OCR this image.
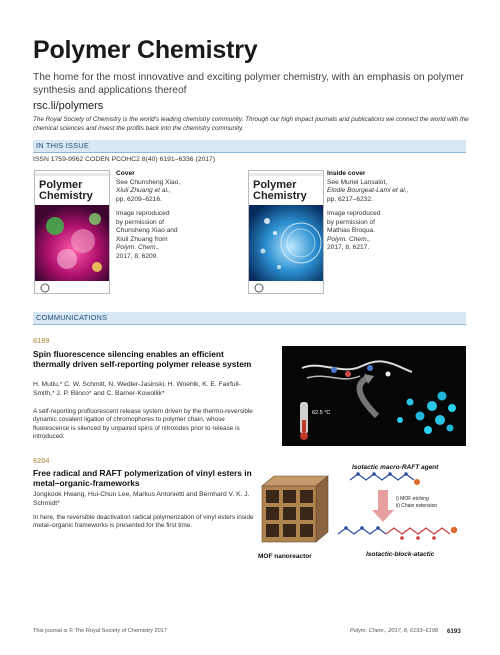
Polymer Chemistry
The home for the most innovative and exciting polymer chemistry, with an emphasis on polymer synthesis and applications thereof
rsc.li/polymers
The Royal Society of Chemistry is the world's leading chemistry community. Through our high impact journals and publications we connect the world with the chemical sciences and invest the profits back into the chemistry community.
IN THIS ISSUE
ISSN 1759-9962 CODEN PCOHC2 8(40) 6191–6336 (2017)
Polymer
Chemistry
Cover
See Chunsheng Xiao,
Xiuli Zhuang et al.,
pp. 6209–6216.
Image reproduced
by permission of
Chunsheng Xiao and
Xiuli Zhuang from
Polym. Chem.,
2017, 8, 6209.
Polymer
Chemistry
Inside cover
See Muriel Lansalot,
Elodie Bourgeat-Lami et al.,
pp. 6217–6232.
Image reproduced
by permission of
Mathias Broqua.
Polym. Chem.,
2017, 8, 6217.
COMMUNICATIONS
6199
Spin fluorescence silencing enables an efficient thermally driven self-reporting polymer release system
H. Mutlu,* C. W. Schmitt, N. Wedler-Jasinski, H. Woehlk, K. E. Fairfull-Smith,* J. P. Blinco* and C. Barner-Kowollik*
A self-reporting profluorescent release system driven by the thermo-reversible dynamic covalent ligation of chromophores to polymer chain, whose fluorescence is silenced by unpaired spins of nitroxides prior to release is introduced.
62.5 °C
6204
Free radical and RAFT polymerization of vinyl esters in metal–organic-frameworks
Jongkook Hwang, Hui-Chun Lee, Markus Antonietti and Bernhard V. K. J. Schmidt*
In here, the reversible deactivation radical polymerization of vinyl esters inside metal–organic frameworks is presented for the first time.
MOF nanoreactor
Isotactic macro-RAFT agent
i) MOF etching
ii) Chain extension
Isotactic-block-atactic
This journal is © The Royal Society of Chemistry 2017	Polym. Chem., 2017, 8, 6193–6198 6193
